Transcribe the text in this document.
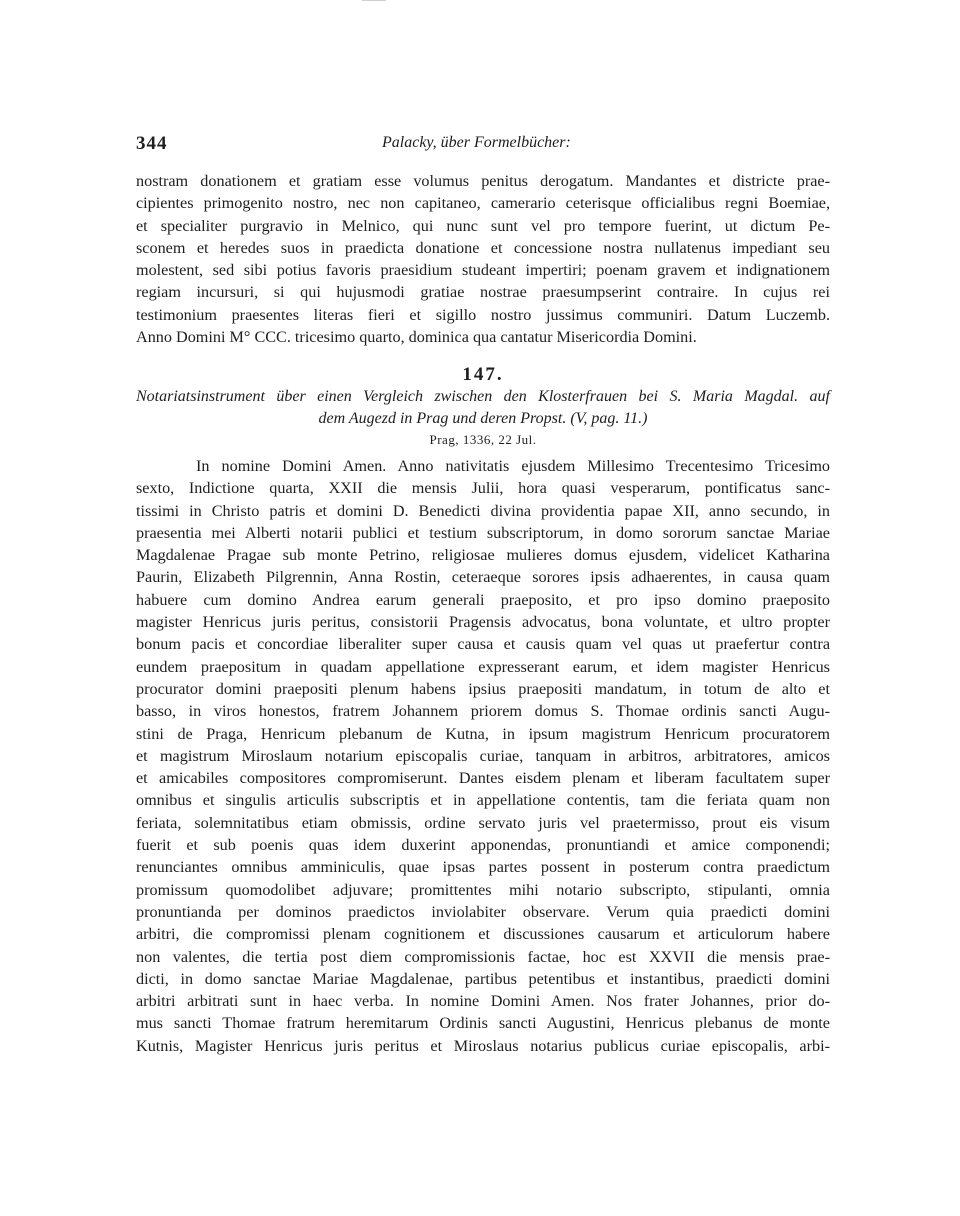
344	Palacky, über Formelbücher:
nostram donationem et gratiam esse volumus penitus derogatum. Mandantes et districte prae-
cipientes primogenito nostro, nec non capitaneo, camerario ceterisque officialibus regni Boemiae,
et specialiter purgravio in Melnico, qui nunc sunt vel pro tempore fuerint, ut dictum Pe-
sconem et heredes suos in praedicta donatione et concessione nostra nullatenus impediant seu
molestent, sed sibi potius favoris praesidium studeant impertiri; poenam gravem et indignationem
regiam incursuri, si qui hujusmodi gratiae nostrae praesumpserint contraire. In cujus rei
testimonium praesentes literas fieri et sigillo nostro jussimus communiri. Datum Luczemb.
Anno Domini M° CCC. tricesimo quarto, dominica qua cantatur Misericordia Domini.
147.
Notariatsinstrument über einen Vergleich zwischen den Klosterfrauen bei S. Maria Magdal. auf
dem Augezd in Prag und deren Propst. (V, pag. 11.)
Prag, 1336, 22 Jul.
In nomine Domini Amen. Anno nativitatis ejusdem Millesimo Trecentesimo Tricesimo
sexto, Indictione quarta, XXII die mensis Julii, hora quasi vesperarum, pontificatus sanc-
tissimi in Christo patris et domini D. Benedicti divina providentia papae XII, anno secundo, in
praesentia mei Alberti notarii publici et testium subscriptorum, in domo sororum sanctae Mariae
Magdalenae Pragae sub monte Petrino, religiosae mulieres domus ejusdem, videlicet Katharina
Paurin, Elizabeth Pilgrennin, Anna Rostin, ceteraeque sorores ipsis adhaerentes, in causa quam
habuere cum domino Andrea earum generali praeposito, et pro ipso domino praeposito
magister Henricus juris peritus, consistorii Pragensis advocatus, bona voluntate, et ultro propter
bonum pacis et concordiae liberaliter super causa et causis quam vel quas ut praefertur contra
eundem praepositum in quadam appellatione expresserant earum, et idem magister Henricus
procurator domini praepositi plenum habens ipsius praepositi mandatum, in totum de alto et
basso, in viros honestos, fratrem Johannem priorem domus S. Thomae ordinis sancti Augu-
stini de Praga, Henricum plebanum de Kutna, in ipsum magistrum Henricum procuratorem
et magistrum Miroslaum notarium episcopalis curiae, tanquam in arbitros, arbitratores, amicos
et amicabiles compositores compromiserunt. Dantes eisdem plenam et liberam facultatem super
omnibus et singulis articulis subscriptis et in appellatione contentis, tam die feriata quam non
feriata, solemnitatibus etiam obmissis, ordine servato juris vel praetermisso, prout eis visum
fuerit et sub poenis quas idem duxerint apponendas, pronuntiandi et amice componendi;
renunciantes omnibus amminiculis, quae ipsas partes possent in posterum contra praedictum
promissum quomodolibet adjuvare; promittentes mihi notario subscripto, stipulanti, omnia
pronuntianda per dominos praedictos inviolabiter observare. Verum quia praedicti domini
arbitri, die compromissi plenam cognitionem et discussiones causarum et articulorum habere
non valentes, die tertia post diem compromissionis factae, hoc est XXVII die mensis prae-
dicti, in domo sanctae Mariae Magdalenae, partibus petentibus et instantibus, praedicti domini
arbitri arbitrati sunt in haec verba. In nomine Domini Amen. Nos frater Johannes, prior do-
mus sancti Thomae fratrum heremitarum Ordinis sancti Augustini, Henricus plebanus de monte
Kutnis, Magister Henricus juris peritus et Miroslaus notarius publicus curiae episcopalis, arbi-
